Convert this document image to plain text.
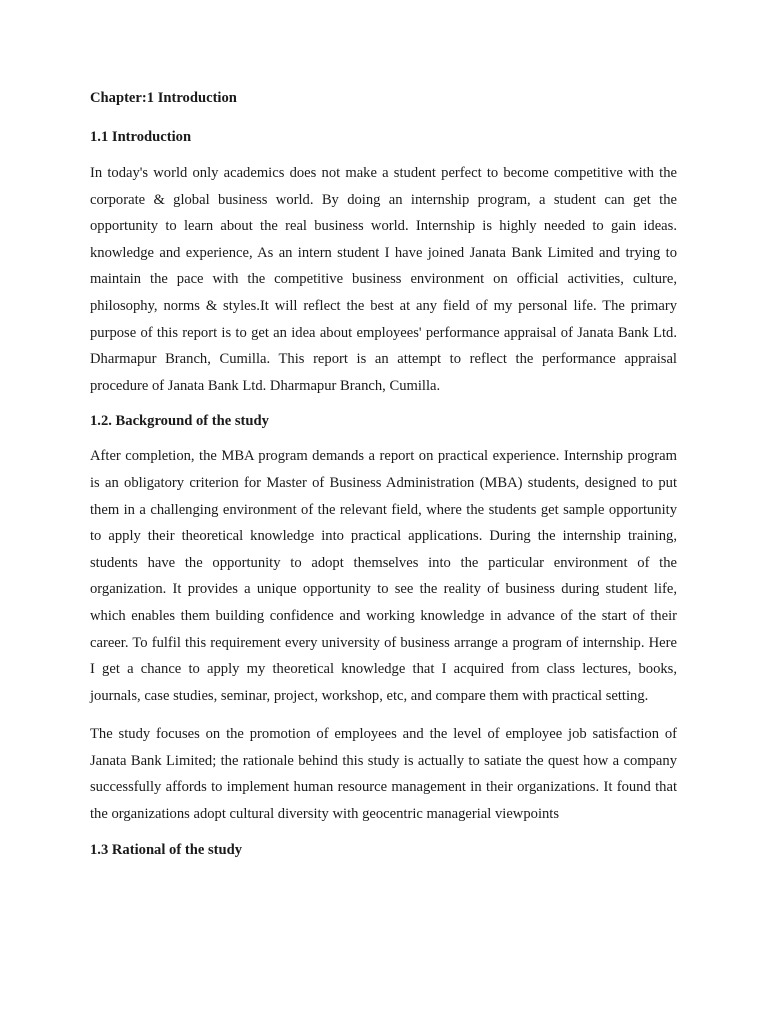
Chapter:1 Introduction

1.1 Introduction

In today's world only academics does not make a student perfect to become competitive with the corporate & global business world. By doing an internship program, a student can get the opportunity to learn about the real business world. Internship is highly needed to gain ideas. knowledge and experience, As an intern student I have joined Janata Bank Limited and trying to maintain the pace with the competitive business environment on official activities, culture, philosophy, norms & styles.It will reflect the best at any field of my personal life. The primary purpose of this report is to get an idea about employees' performance appraisal of Janata Bank Ltd. Dharmapur Branch, Cumilla. This report is an attempt to reflect the performance appraisal procedure of Janata Bank Ltd. Dharmapur Branch, Cumilla.

1.2. Background of the study

After completion, the MBA program demands a report on practical experience. Internship program is an obligatory criterion for Master of Business Administration (MBA) students, designed to put them in a challenging environment of the relevant field, where the students get sample opportunity to apply their theoretical knowledge into practical applications. During the internship training, students have the opportunity to adopt themselves into the particular environment of the organization. It provides a unique opportunity to see the reality of business during student life, which enables them building confidence and working knowledge in advance of the start of their career. To fulfil this requirement every university of business arrange a program of internship. Here I get a chance to apply my theoretical knowledge that I acquired from class lectures, books, journals, case studies, seminar, project, workshop, etc, and compare them with practical setting.

The study focuses on the promotion of employees and the level of employee job satisfaction of Janata Bank Limited; the rationale behind this study is actually to satiate the quest how a company successfully affords to implement human resource management in their organizations. It found that the organizations adopt cultural diversity with geocentric managerial viewpoints

1.3 Rational of the study
